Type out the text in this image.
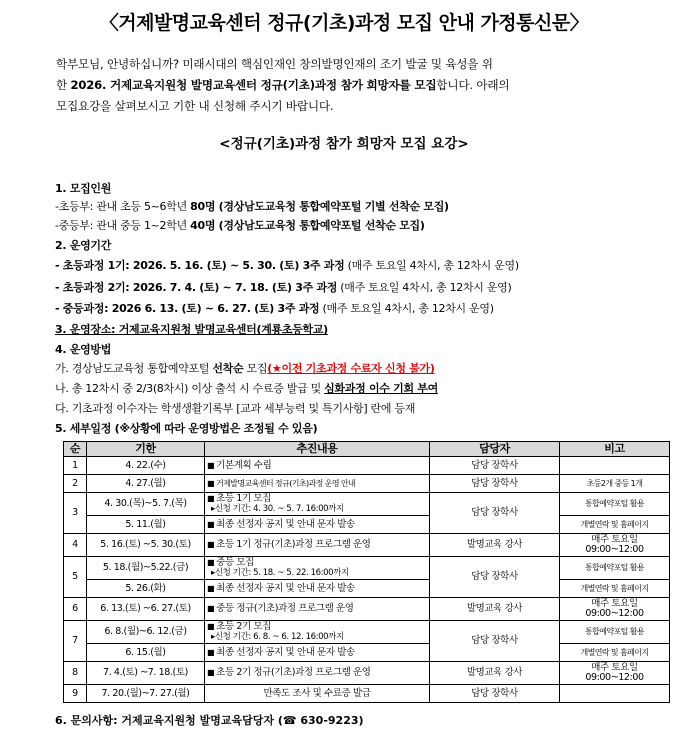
〈거제발명교육센터 정규(기초)과정 모집 안내 가정통신문〉
학부모님, 안녕하십니까? 미래시대의 핵심인재인 창의발명인재의 조기 발굴 및 육성을 위
한 2026. 거제교육지원청 발명교육센터 정규(기초)과정 참가 희망자를 모집합니다. 아래의
모집요강을 살펴보시고 기한 내 신청해 주시기 바랍니다.
<정규(기초)과정 참가 희망자 모집 요강>
1. 모집인원
-초등부: 관내 초등 5~6학년 80명 (경상남도교육청 통합예약포털 기별 선착순 모집)
-중등부: 관내 중등 1~2학년 40명 (경상남도교육청 통합예약포털 선착순 모집)
2. 운영기간
- 초등과정 1기: 2026. 5. 16. (토) ~ 5. 30. (토) 3주 과정 (매주 토요일 4차시, 총 12차시 운영)
- 초등과정 2기: 2026. 7. 4. (토) ~ 7. 18. (토) 3주 과정 (매주 토요일 4차시, 총 12차시 운영)
- 중등과정: 2026 6. 13. (토) ~ 6. 27. (토) 3주 과정 (매주 토요일 4차시, 총 12차시 운영)
3. 운영장소: 거제교육지원청 발명교육센터(계룡초등학교)
4. 운영방법
가. 경상남도교육청 통합예약포털 선착순 모집(★이전 기초과정 수료자 신청 불가)
나. 총 12차시 중 2/3(8차시) 이상 출석 시 수료증 발급 및 심화과정 이수 기회 부여
다. 기초과정 이수자는 학생생활기록부 [교과 세부능력 및 특기사항] 란에 등재
5. 세부일정 (※상황에 따라 운영방법은 조정될 수 있음)
순	기한	추진내용	담당자	비고
1	4. 22.(수)	■ 기본계획 수립	담당 장학사	
2	4. 27.(월)	■ 거제발명교육센터 정규(기초)과정 운영 안내	담당 장학사	초등2개 중등 1개
3	4. 30.(목)~5. 7.(목)	■ 초등 1기 모집
▸신청 기간: 4. 30. ~ 5. 7. 16:00까지	담당 장학사	통합예약포털 활용
	5. 11.(월)	■ 최종 선정자 공지 및 안내 문자 발송		개별연락 및 홈페이지
4	5. 16.(토) ~5. 30.(토)	■ 초등 1기 정규(기초)과정 프로그램 운영	발명교육 강사	매주 토요일
09:00~12:00

5	5. 18.(월)~5.22.(금)	■ 중등 모집
▸신청 기간: 5. 18. ~ 5. 22. 16:00까지	담당 장학사	통합예약포털 활용
	5. 26.(화)	■ 최종 선정자 공지 및 안내 문자 발송		개별연락 및 홈페이지
6	6. 13.(토) ~6. 27.(토)	■ 중등 정규(기초)과정 프로그램 운영	발명교육 강사	매주 토요일
09:00~12:00

7	6. 8.(월)~6. 12.(금)	■ 초등 2기 모집
▸신청 기간: 6. 8. ~ 6. 12. 16:00까지	담당 장학사	통합예약포털 활용
	6. 15.(월)	■ 최종 선정자 공지 및 안내 문자 발송		개별연락 및 홈페이지
8	7. 4.(토) ~7. 18.(토)	■ 초등 2기 정규(기초)과정 프로그램 운영	발명교육 강사	매주 토요일
09:00~12:00

9	7. 20.(월)~7. 27.(월)	만족도 조사 및 수료증 발급	담당 장학사	
6. 문의사항: 거제교육지원청 발명교육담당자 (☎ 630-9223)
